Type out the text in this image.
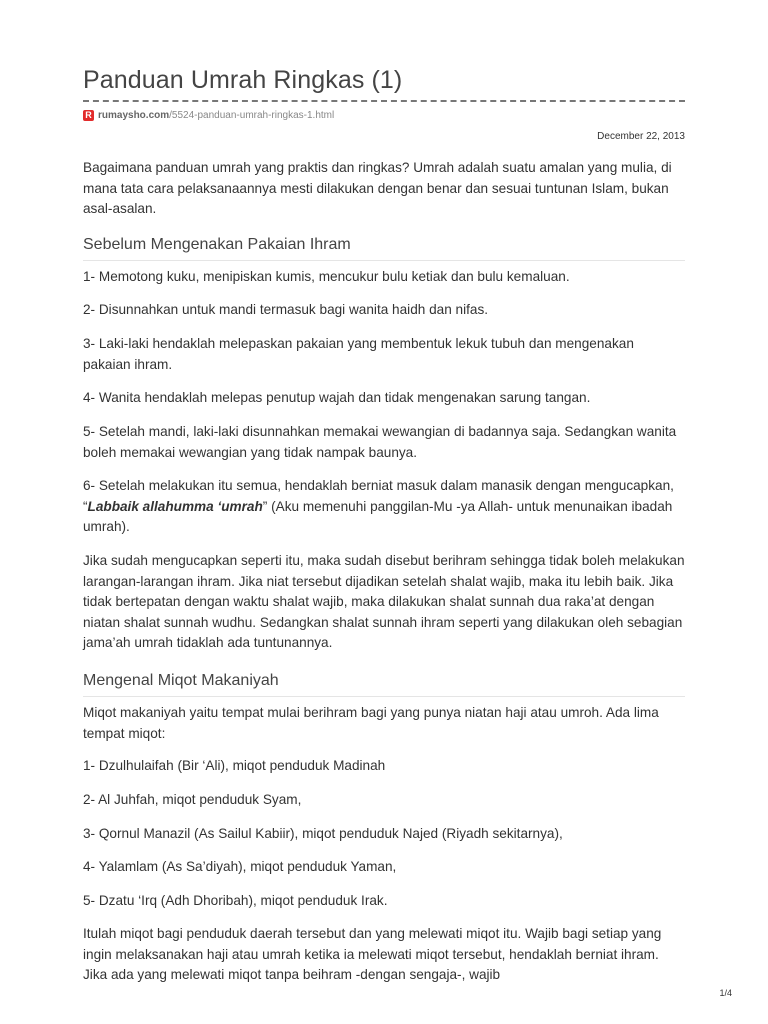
Panduan Umrah Ringkas (1)
R rumaysho.com /5524-panduan-umrah-ringkas-1.html
December 22, 2013

Bagaimana panduan umrah yang praktis dan ringkas? Umrah adalah suatu amalan yang mulia, di mana tata cara pelaksanaannya mesti dilakukan dengan benar dan sesuai tuntunan Islam, bukan asal-asalan.

Sebelum Mengenakan Pakaian Ihram

1- Memotong kuku, menipiskan kumis, mencukur bulu ketiak dan bulu kemaluan.

2- Disunnahkan untuk mandi termasuk bagi wanita haidh dan nifas.

3- Laki-laki hendaklah melepaskan pakaian yang membentuk lekuk tubuh dan mengenakan pakaian ihram.

4- Wanita hendaklah melepas penutup wajah dan tidak mengenakan sarung tangan.

5- Setelah mandi, laki-laki disunnahkan memakai wewangian di badannya saja. Sedangkan wanita boleh memakai wewangian yang tidak nampak baunya.

6- Setelah melakukan itu semua, hendaklah berniat masuk dalam manasik dengan mengucapkan, “Labbaik allahumma ‘umrah” (Aku memenuhi panggilan-Mu -ya Allah- untuk menunaikan ibadah umrah).

Jika sudah mengucapkan seperti itu, maka sudah disebut berihram sehingga tidak boleh melakukan larangan-larangan ihram. Jika niat tersebut dijadikan setelah shalat wajib, maka itu lebih baik. Jika tidak bertepatan dengan waktu shalat wajib, maka dilakukan shalat sunnah dua raka’at dengan niatan shalat sunnah wudhu. Sedangkan shalat sunnah ihram seperti yang dilakukan oleh sebagian jama’ah umrah tidaklah ada tuntunannya.

Mengenal Miqot Makaniyah

Miqot makaniyah yaitu tempat mulai berihram bagi yang punya niatan haji atau umroh. Ada lima tempat miqot:

1- Dzulhulaifah (Bir ‘Ali), miqot penduduk Madinah

2- Al Juhfah, miqot penduduk Syam,

3- Qornul Manazil (As Sailul Kabiir), miqot penduduk Najed (Riyadh sekitarnya),

4- Yalamlam (As Sa’diyah), miqot penduduk Yaman,

5- Dzatu ‘Irq (Adh Dhoribah), miqot penduduk Irak.

Itulah miqot bagi penduduk daerah tersebut dan yang melewati miqot itu. Wajib bagi setiap yang ingin melaksanakan haji atau umrah ketika ia melewati miqot tersebut, hendaklah berniat ihram. Jika ada yang melewati miqot tanpa beihram -dengan sengaja-, wajib

1/4
